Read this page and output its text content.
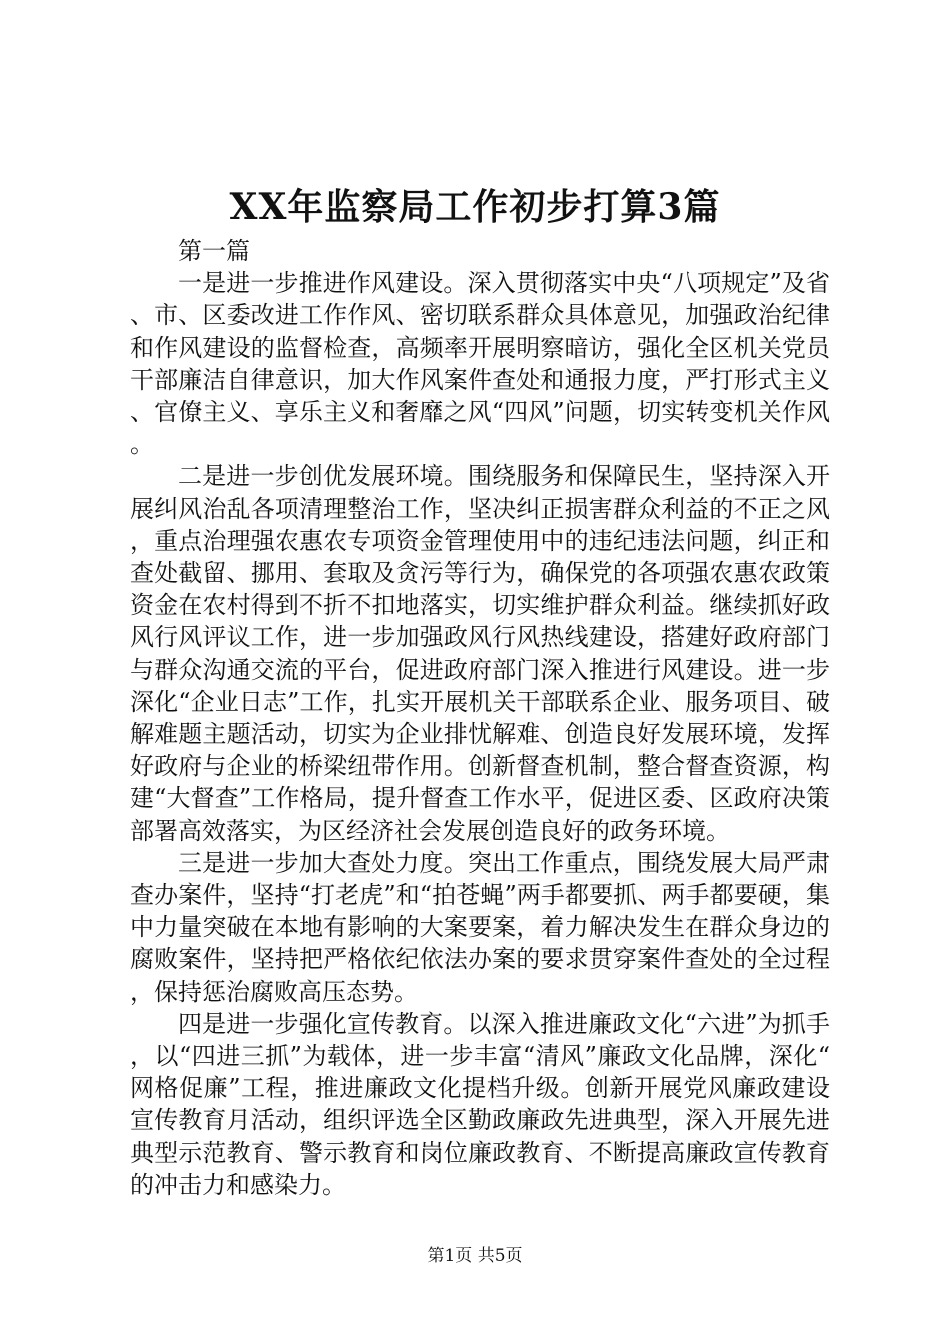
XX年监察局工作初步打算3篇

第一篇

一是进一步推进作风建设。深入贯彻落实中央“八项规定”及省、市、区委改进工作作风、密切联系群众具体意见，加强政治纪律和作风建设的监督检查，高频率开展明察暗访，强化全区机关党员干部廉洁自律意识，加大作风案件查处和通报力度，严打形式主义、官僚主义、享乐主义和奢靡之风“四风”问题，切实转变机关作风。

二是进一步创优发展环境。围绕服务和保障民生，坚持深入开展纠风治乱各项清理整治工作，坚决纠正损害群众利益的不正之风，重点治理强农惠农专项资金管理使用中的违纪违法问题，纠正和查处截留、挪用、套取及贪污等行为，确保党的各项强农惠农政策资金在农村得到不折不扣地落实，切实维护群众利益。继续抓好政风行风评议工作，进一步加强政风行风热线建设，搭建好政府部门与群众沟通交流的平台，促进政府部门深入推进行风建设。进一步深化“企业日志”工作，扎实开展机关干部联系企业、服务项目、破解难题主题活动，切实为企业排忧解难、创造良好发展环境，发挥好政府与企业的桥梁纽带作用。创新督查机制，整合督查资源，构建“大督查”工作格局，提升督查工作水平，促进区委、区政府决策部署高效落实，为区经济社会发展创造良好的政务环境。

三是进一步加大查处力度。突出工作重点，围绕发展大局严肃查办案件，坚持“打老虎”和“拍苍蝇”两手都要抓、两手都要硬，集中力量突破在本地有影响的大案要案，着力解决发生在群众身边的腐败案件，坚持把严格依纪依法办案的要求贯穿案件查处的全过程，保持惩治腐败高压态势。

四是进一步强化宣传教育。以深入推进廉政文化“六进”为抓手，以“四进三抓”为载体，进一步丰富“清风”廉政文化品牌，深化“网格促廉”工程，推进廉政文化提档升级。创新开展党风廉政建设宣传教育月活动，组织评选全区勤政廉政先进典型，深入开展先进典型示范教育、警示教育和岗位廉政教育、不断提高廉政宣传教育的冲击力和感染力。

第1页 共5页
